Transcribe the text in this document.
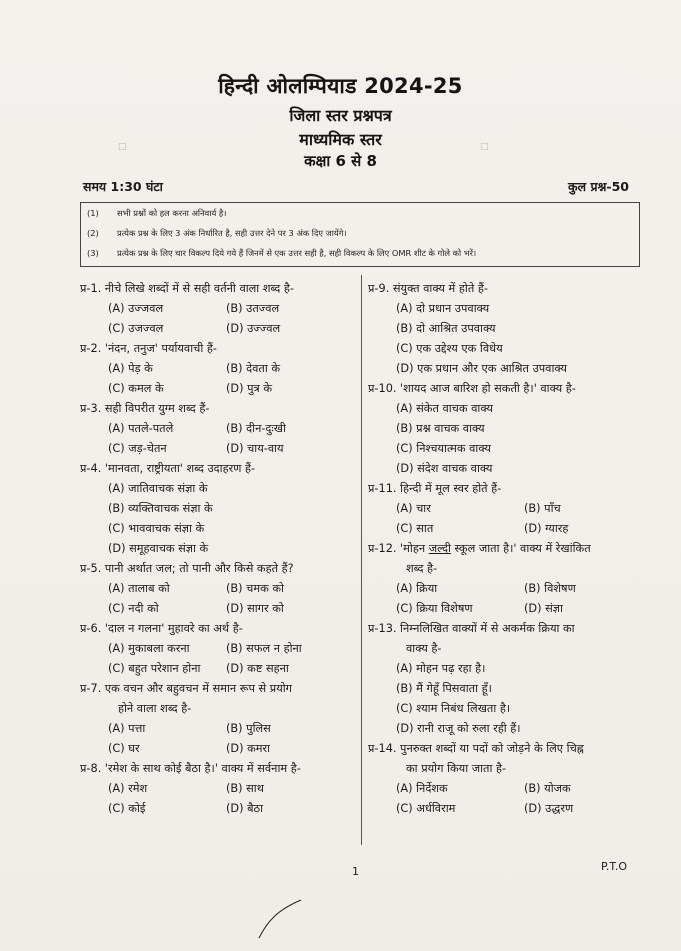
□	□
हिन्दी ओलम्पियाड 2024-25
जिला स्तर प्रश्नपत्र
माध्यमिक स्तर
कक्षा 6 से 8
समय 1:30 घंटा	कुल प्रश्न-50
(1)	सभी प्रश्नों को हल करना अनिवार्य है।
(2)	प्रत्येक प्रश्न के लिए 3 अंक निर्धारित है, सही उत्तर देने पर 3 अंक दिए जायेंगे।
(3)	प्रत्येक प्रश्न के लिए चार विकल्प दिये गये हैं जिनमें से एक उत्तर सही है, सही विकल्प के लिए OMR शीट के गोले को भरें।
प्र-1. नीचे लिखे शब्दों में से सही वर्तनी वाला शब्द है-
(A) उज्जवल	(B) उतज्वल
(C) उजज्वल	(D) उज्ज्वल
प्र-2. 'नंदन, तनुज' पर्यायवाची हैं-
(A) पेड़ के	(B) देवता के
(C) कमल के	(D) पुत्र के
प्र-3. सही विपरीत युग्म शब्द हैं-
(A) पतले-पतले	(B) दीन-दुःखी
(C) जड़-चेतन	(D) चाय-वाय
प्र-4. 'मानवता, राष्ट्रीयता' शब्द उदाहरण हैं-
(A) जातिवाचक संज्ञा के
(B) व्यक्तिवाचक संज्ञा के
(C) भाववाचक संज्ञा के
(D) समूहवाचक संज्ञा के
प्र-5. पानी अर्थात जल; तो पानी और किसे कहते हैं?
(A) तालाब को	(B) चमक को
(C) नदी को	(D) सागर को
प्र-6. 'दाल न गलना' मुहावरे का अर्थ है-
(A) मुकाबला करना	(B) सफल न होना
(C) बहुत परेशान होना	(D) कष्ट सहना
प्र-7. एक वचन और बहुवचन में समान रूप से प्रयोग
होने वाला शब्द है-
(A) पत्ता	(B) पुलिस
(C) घर	(D) कमरा
प्र-8. 'रमेश के साथ कोई बैठा है।' वाक्य में सर्वनाम है-
(A) रमेश	(B) साथ
(C) कोई	(D) बैठा
प्र-9. संयुक्त वाक्य में होते हैं-
(A) दो प्रधान उपवाक्य
(B) दो आश्रित उपवाक्य
(C) एक उद्देश्य एक विधेय
(D) एक प्रधान और एक आश्रित उपवाक्य
प्र-10. 'शायद आज बारिश हो सकती है।' वाक्य है-
(A) संकेत वाचक वाक्य
(B) प्रश्न वाचक वाक्य
(C) निश्चयात्मक वाक्य
(D) संदेश वाचक वाक्य
प्र-11. हिन्दी में मूल स्वर होते हैं-
(A) चार	(B) पाँच
(C) सात	(D) ग्यारह
प्र-12. 'मोहन जल्दी स्कूल जाता है।' वाक्य में रेखांकित
शब्द है-
(A) क्रिया	(B) विशेषण
(C) क्रिया विशेषण	(D) संज्ञा
प्र-13. निम्नलिखित वाक्यों में से अकर्मक क्रिया का
वाक्य है-
(A) मोहन पढ़ रहा है।
(B) मैं गेहूँ पिसवाता हूँ।
(C) श्याम निबंध लिखता है।
(D) रानी राजू को रुला रही हैं।
प्र-14. पुनरुक्त शब्दों या पदों को जोड़ने के लिए चिह्न
का प्रयोग किया जाता है-
(A) निर्देशक	(B) योजक
(C) अर्धविराम	(D) उद्धरण
1	P.T.O
